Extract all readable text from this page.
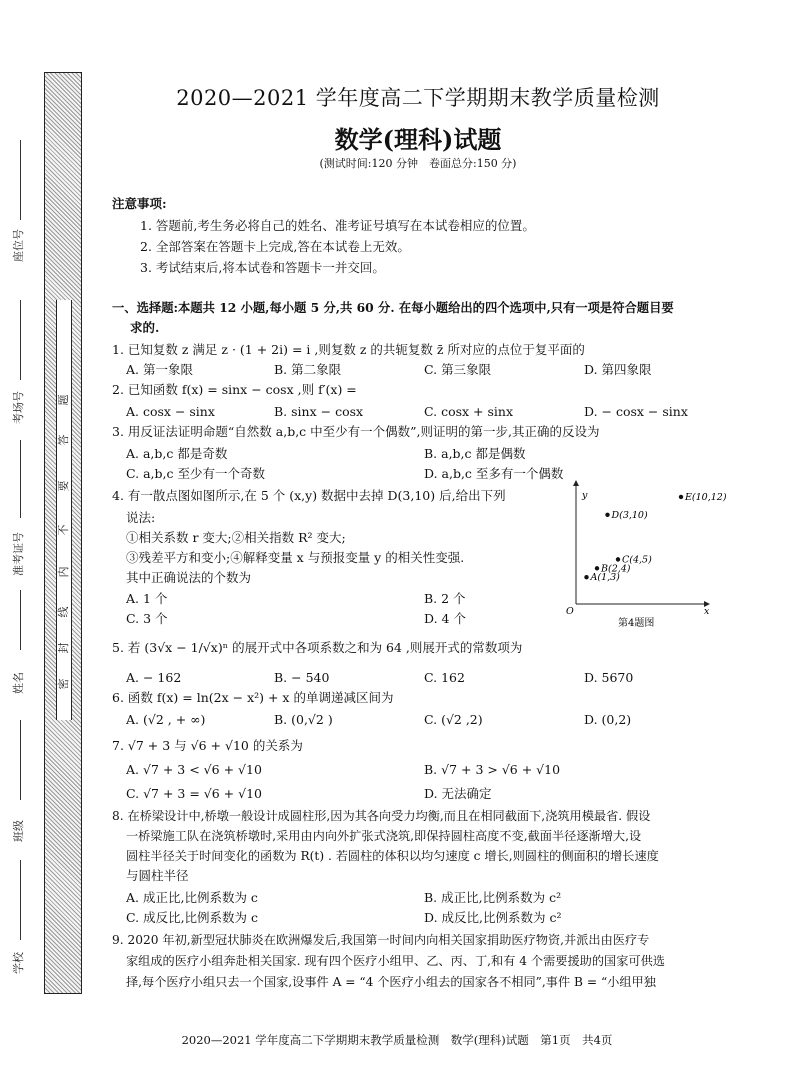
题
答
要
不
内
线
封
密
座位号
考场号
准考证号
姓名
班级
学校
2020—2021 学年度高二下学期期末教学质量检测
数学(理科)试题
(测试时间:120 分钟　卷面总分:150 分)
注意事项:
1. 答题前,考生务必将自己的姓名、准考证号填写在本试卷相应的位置。
2. 全部答案在答题卡上完成,答在本试卷上无效。
3. 考试结束后,将本试卷和答题卡一并交回。
一、选择题:本题共 12 小题,每小题 5 分,共 60 分. 在每小题给出的四个选项中,只有一项是符合题目要
求的.
1. 已知复数 z 满足 z · (1 + 2i) = i ,则复数 z 的共轭复数 z̄ 所对应的点位于复平面的
A. 第一象限	B. 第二象限	C. 第三象限	D. 第四象限
2. 已知函数 f(x) = sinx − cosx ,则 f′(x) =
A. cosx − sinx	B. sinx − cosx	C. cosx + sinx	D. − cosx − sinx
3. 用反证法证明命题“自然数 a,b,c 中至少有一个偶数”,则证明的第一步,其正确的反设为
A. a,b,c 都是奇数	B. a,b,c 都是偶数
C. a,b,c 至少有一个奇数	D. a,b,c 至多有一个偶数
4. 有一散点图如图所示,在 5 个 (x,y) 数据中去掉 D(3,10) 后,给出下列
说法:
①相关系数 r 变大;②相关指数 R² 变大;
③残差平方和变小;④解释变量 x 与预报变量 y 的相关性变强.
其中正确说法的个数为
A. 1 个	B. 2 个
C. 3 个	D. 4 个
5. 若 (3√x − 1/√x)ⁿ 的展开式中各项系数之和为 64 ,则展开式的常数项为
A. − 162	B. − 540	C. 162	D. 5670
6. 函数 f(x) = ln(2x − x²) + x 的单调递减区间为
A. (√2 , + ∞)	B. (0,√2 )	C. (√2 ,2)	D. (0,2)
7. √7 + 3 与 √6 + √10 的关系为
A. √7 + 3 < √6 + √10	B. √7 + 3 > √6 + √10
C. √7 + 3 = √6 + √10	D. 无法确定
8. 在桥梁设计中,桥墩一般设计成圆柱形,因为其各向受力均衡,而且在相同截面下,浇筑用模最省. 假设
一桥梁施工队在浇筑桥墩时,采用由内向外扩张式浇筑,即保持圆柱高度不变,截面半径逐渐增大,设
圆柱半径关于时间变化的函数为 R(t) . 若圆柱的体积以均匀速度 c 增长,则圆柱的侧面积的增长速度
与圆柱半径
A. 成正比,比例系数为 c	B. 成正比,比例系数为 c²
C. 成反比,比例系数为 c	D. 成反比,比例系数为 c²
9. 2020 年初,新型冠状肺炎在欧洲爆发后,我国第一时间内向相关国家捐助医疗物资,并派出由医疗专
家组成的医疗小组奔赴相关国家. 现有四个医疗小组甲、乙、丙、丁,和有 4 个需要援助的国家可供选
择,每个医疗小组只去一个国家,设事件 A = “4 个医疗小组去的国家各不相同”,事件 B = “小组甲独
x
y
O
A(1,3)
B(2,4)
C(4,5)
D(3,10)
E(10,12)
第4题图
2020—2021 学年度高二下学期期末教学质量检测　数学(理科)试题　第1页　共4页
